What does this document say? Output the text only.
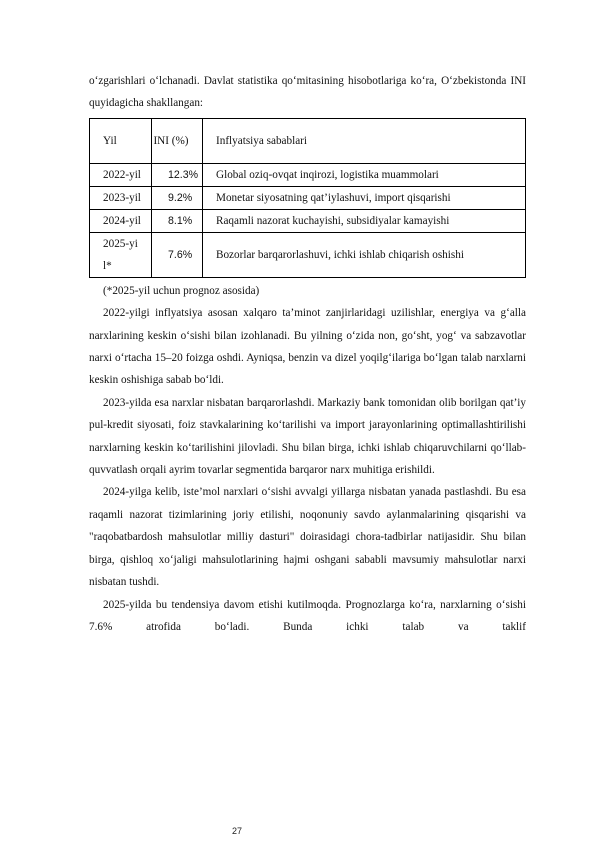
o‘zgarishlari o‘lchanadi. Davlat statistika qo‘mitasining hisobotlariga ko‘ra, O‘zbekistonda INI quyidagicha shakllangan:

Yil	INI (%)	Inflyatsiya sabablari
2022-yil	12.3%	Global oziq-ovqat inqirozi, logistika muammolari
2023-yil	9.2%	Monetar siyosatning qat’iylashuvi, import qisqarishi
2024-yil	8.1%	Raqamli nazorat kuchayishi, subsidiyalar kamayishi

2025-yil*	7.6%	Bozorlar barqarorlashuvi, ichki ishlab chiqarish oshishi

(*2025-yil uchun prognoz asosida)

2022-yilgi inflyatsiya asosan xalqaro ta’minot zanjirlaridagi uzilishlar, energiya va g‘alla narxlarining keskin o‘sishi bilan izohlanadi. Bu yilning o‘zida non, go‘sht, yog‘ va sabzavotlar narxi o‘rtacha 15–20 foizga oshdi. Ayniqsa, benzin va dizel yoqilg‘ilariga bo‘lgan talab narxlarni keskin oshishiga sabab bo‘ldi.

2023-yilda esa narxlar nisbatan barqarorlashdi. Markaziy bank tomonidan olib borilgan qat’iy pul-kredit siyosati, foiz stavkalarining ko‘tarilishi va import jarayonlarining optimallashtirilishi narxlarning keskin ko‘tarilishini jilovladi. Shu bilan birga, ichki ishlab chiqaruvchilarni qo‘llab-quvvatlash orqali ayrim tovarlar segmentida barqaror narx muhitiga erishildi.

2024-yilga kelib, iste’mol narxlari o‘sishi avvalgi yillarga nisbatan yanada pastlashdi. Bu esa raqamli nazorat tizimlarining joriy etilishi, noqonuniy savdo aylanmalarining qisqarishi va "raqobatbardosh mahsulotlar milliy dasturi" doirasidagi chora-tadbirlar natijasidir. Shu bilan birga, qishloq xo‘jaligi mahsulotlarining hajmi oshgani sababli mavsumiy mahsulotlar narxi nisbatan tushdi.

2025-yilda bu tendensiya davom etishi kutilmoqda. Prognozlarga ko‘ra, narxlarning o‘sishi 7.6% atrofida bo‘ladi. Bunda ichki talab va taklif

27
